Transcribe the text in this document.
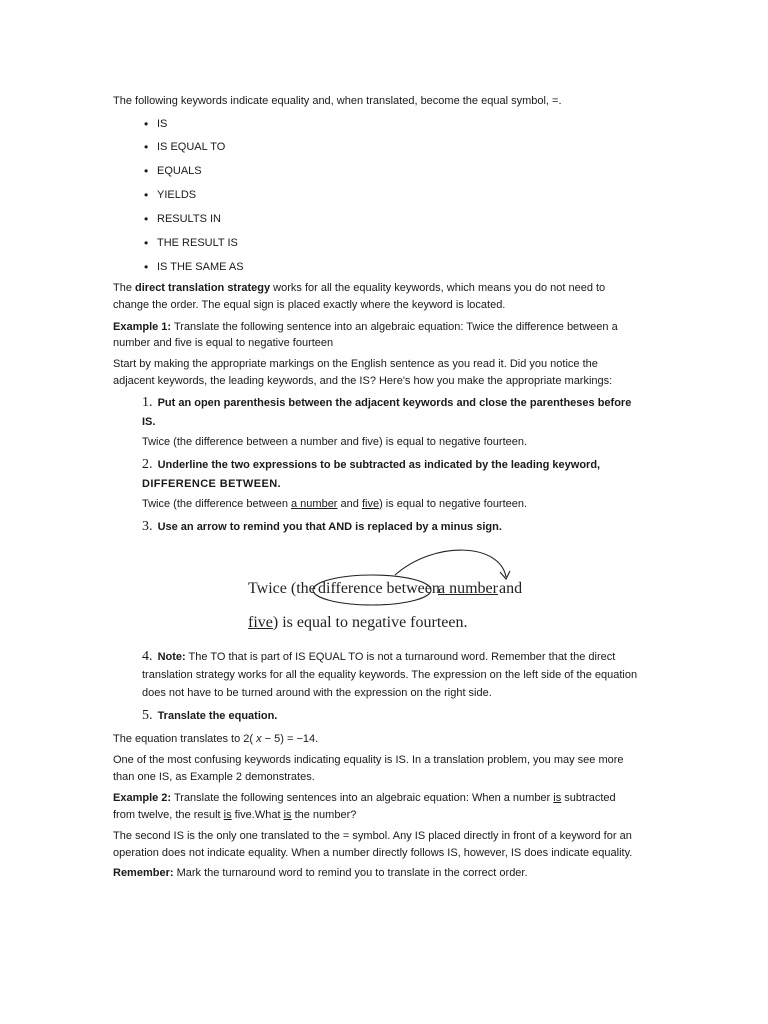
The following keywords indicate equality and, when translated, become the equal symbol, =.
• IS
• IS EQUAL TO
• EQUALS
• YIELDS
• RESULTS IN
• THE RESULT IS
• IS THE SAME AS
The direct translation strategy works for all the equality keywords, which means you do not need to
change the order. The equal sign is placed exactly where the keyword is located.
Example 1: Translate the following sentence into an algebraic equation: Twice the difference between a
number and five is equal to negative fourteen
Start by making the appropriate markings on the English sentence as you read it. Did you notice the
adjacent keywords, the leading keywords, and the IS? Here's how you make the appropriate markings:
1. Put an open parenthesis between the adjacent keywords and close the parentheses before
IS.
Twice (the difference between a number and five) is equal to negative fourteen.
2. Underline the two expressions to be subtracted as indicated by the leading keyword,
DIFFERENCE BETWEEN.
Twice (the difference between a number and five) is equal to negative fourteen.
3. Use an arrow to remind you that AND is replaced by a minus sign.
Twice (the difference between
a number and
five) is equal to negative fourteen.
4. Note: The TO that is part of IS EQUAL TO is not a turnaround word. Remember that the direct
translation strategy works for all the equality keywords. The expression on the left side of the equation
does not have to be turned around with the expression on the right side.
5. Translate the equation.
The equation translates to 2( x − 5) = −14.
One of the most confusing keywords indicating equality is IS. In a translation problem, you may see more
than one IS, as Example 2 demonstrates.
Example 2: Translate the following sentences into an algebraic equation: When a number is subtracted
from twelve, the result is five.What is the number?
The second IS is the only one translated to the = symbol. Any IS placed directly in front of a keyword for an
operation does not indicate equality. When a number directly follows IS, however, IS does indicate equality.
Remember: Mark the turnaround word to remind you to translate in the correct order.
